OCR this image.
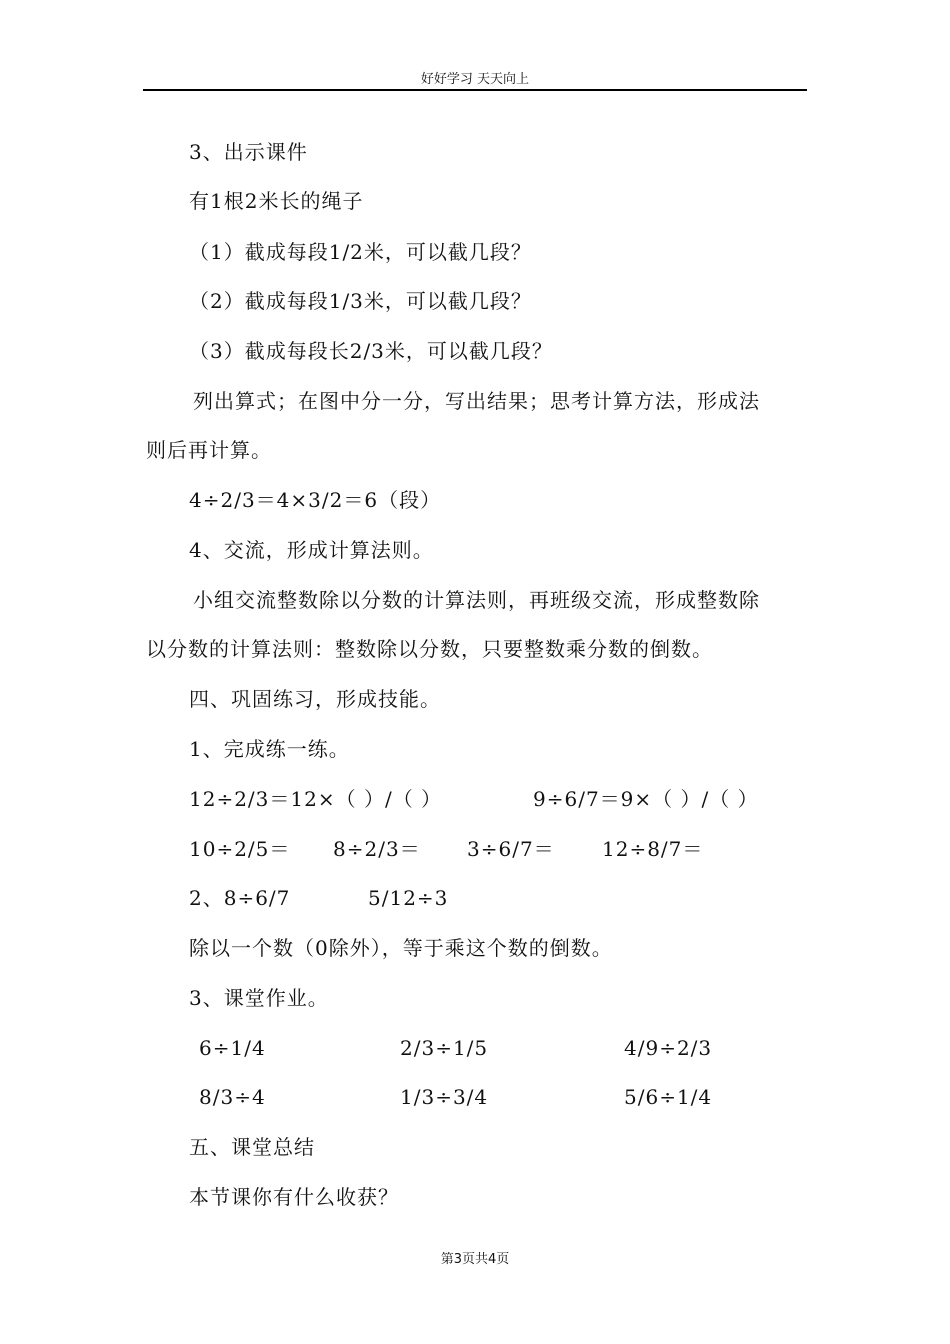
好好学习 天天向上
3、出示课件
有1根2米长的绳子
（1）截成每段1/2米，可以截几段？
（2）截成每段1/3米，可以截几段？
（3）截成每段长2/3米，可以截几段？
列出算式；在图中分一分，写出结果；思考计算方法，形成法
则后再计算。
4÷2/3＝4×3/2＝6（段）
4、交流，形成计算法则。
小组交流整数除以分数的计算法则，再班级交流，形成整数除
以分数的计算法则：整数除以分数，只要整数乘分数的倒数。
四、巩固练习，形成技能。
1、完成练一练。
12÷2/3＝12×（ ）/（ ）	9÷6/7＝9×（ ）/（ ）
10÷2/5＝ 8÷2/3＝ 3÷6/7＝ 12÷8/7＝
2、8÷6/7	5/12÷3
除以一个数（0除外），等于乘这个数的倒数。
3、课堂作业。
6÷1/4	2/3÷1/5	4/9÷2/3
8/3÷4	1/3÷3/4	5/6÷1/4
五、课堂总结
本节课你有什么收获？
第3页共4页
